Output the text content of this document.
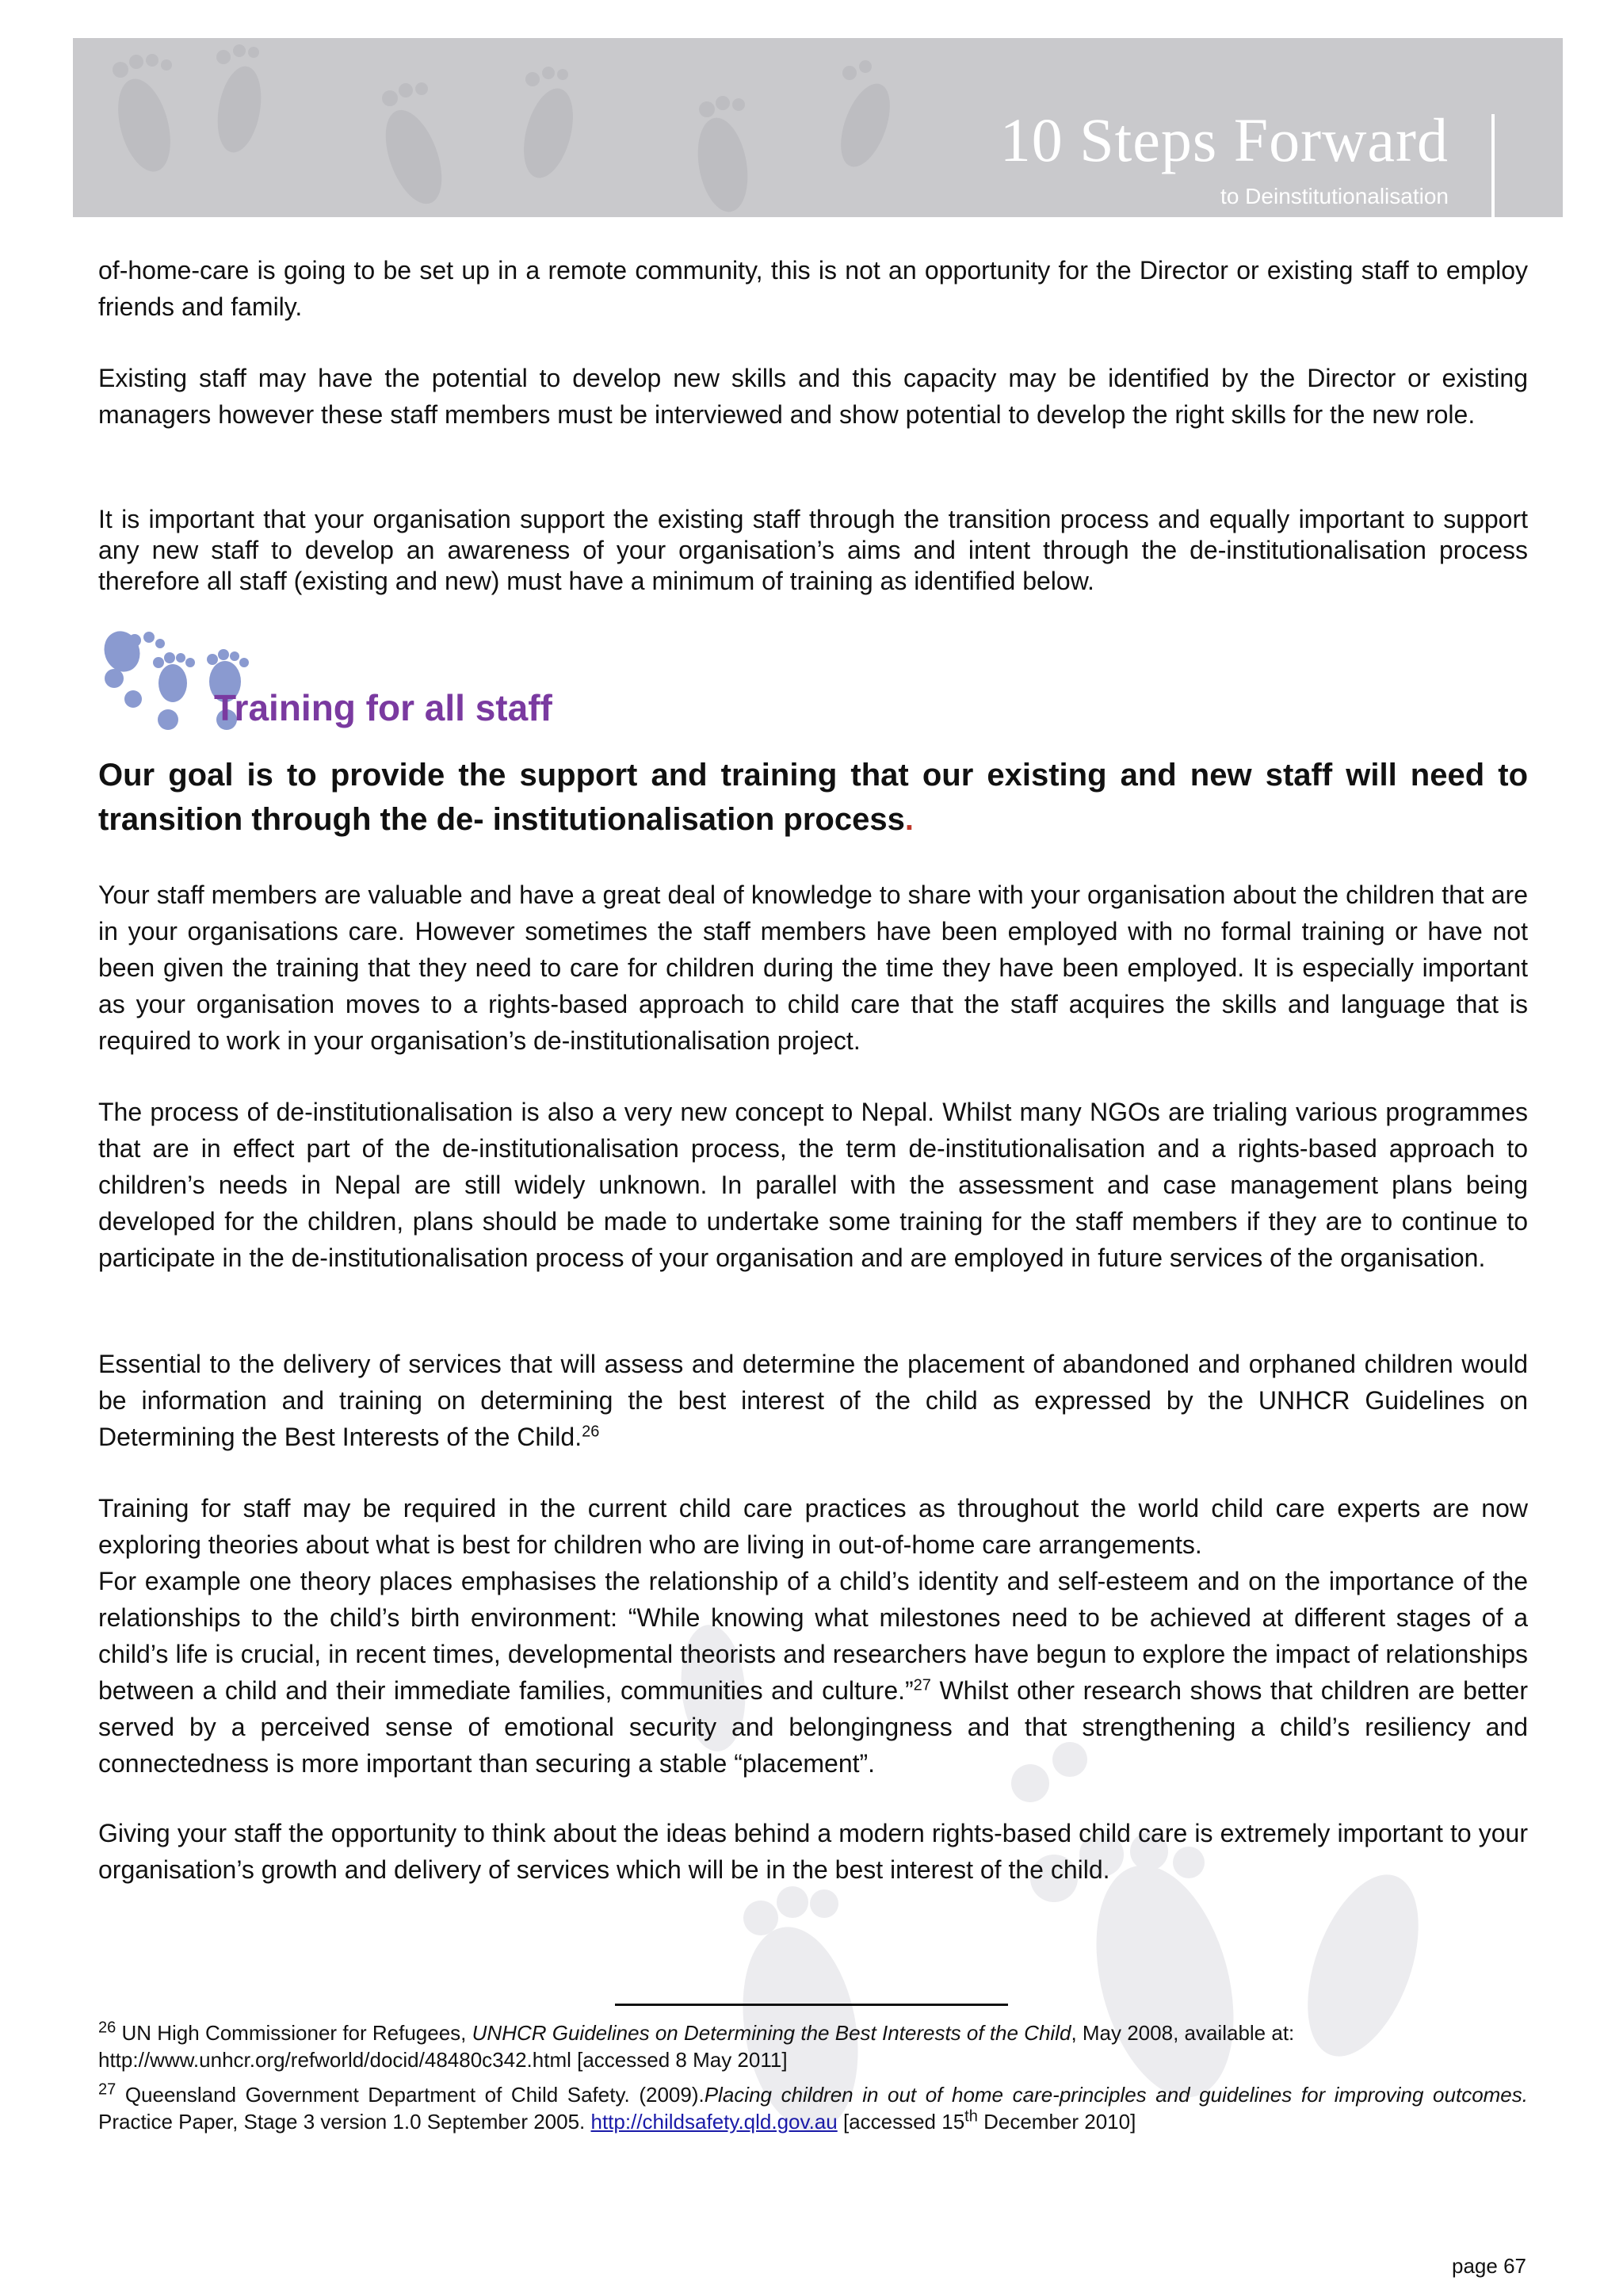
10 Steps Forward
to Deinstitutionalisation

of-home-care is going to be set up in a remote community, this is not an opportunity for the Director or existing staff to employ friends and family.

Existing staff may have the potential to develop new skills and this capacity may be identified by the Director or existing managers however these staff members must be interviewed and show potential to develop the right skills for the new role.

It is important that your organisation support the existing staff through the transition process and equally important to support any new staff to develop an awareness of your organisation’s aims and intent through the de-institutionalisation process therefore all staff (existing and new) must have a minimum of training as identified below.

Training for all staff
Our goal is to provide the support and training that our existing and new staff will need to transition through the de- institutionalisation process.

Your staff members are valuable and have a great deal of knowledge to share with your organisation about the children that are in your organisations care. However sometimes the staff members have been employed with no formal training or have not been given the training that they need to care for children during the time they have been employed. It is especially important as your organisation moves to a rights-based approach to child care that the staff acquires the skills and language that is required to work in your organisation’s de-institutionalisation project.

The process of de-institutionalisation is also a very new concept to Nepal. Whilst many NGOs are trialing various programmes that are in effect part of the de-institutionalisation process, the term de-institutionalisation and a rights-based approach to children’s needs in Nepal are still widely unknown. In parallel with the assessment and case management plans being developed for the children, plans should be made to undertake some training for the staff members if they are to continue to participate in the de-institutionalisation process of your organisation and are employed in future services of the organisation.

Essential to the delivery of services that will assess and determine the placement of abandoned and orphaned children would be information and training on determining the best interest of the child as expressed by the UNHCR Guidelines on Determining the Best Interests of the Child.$^{26}$

Training for staff may be required in the current child care practices as throughout the world child care experts are now exploring theories about what is best for children who are living in out-of-home care arrangements.

For example one theory places emphasises the relationship of a child’s identity and self-esteem and on the importance of the relationships to the child’s birth environment: “While knowing what milestones need to be achieved at different stages of a child’s life is crucial, in recent times, developmental theorists and researchers have begun to explore the impact of relationships between a child and their immediate families, communities and culture.”$^{27}$ Whilst other research shows that children are better served by a perceived sense of emotional security and belongingness and that strengthening a child’s resiliency and connectedness is more important than securing a stable “placement”.

Giving your staff the opportunity to think about the ideas behind a modern rights-based child care is extremely important to your organisation’s growth and delivery of services which will be in the best interest of the child.

$^{26}$ UN High Commissioner for Refugees, UNHCR Guidelines on Determining the Best Interests of the Child, May 2008, available at: http://www.unhcr.org/refworld/docid/48480c342.html [accessed 8 May 2011]
$^{27}$ Queensland Government Department of Child Safety. (2009).Placing children in out of home care-principles and guidelines for improving outcomes. Practice Paper, Stage 3 version 1.0 September 2005. http://childsafety.qld.gov.au [accessed 15th December 2010]
page 67
